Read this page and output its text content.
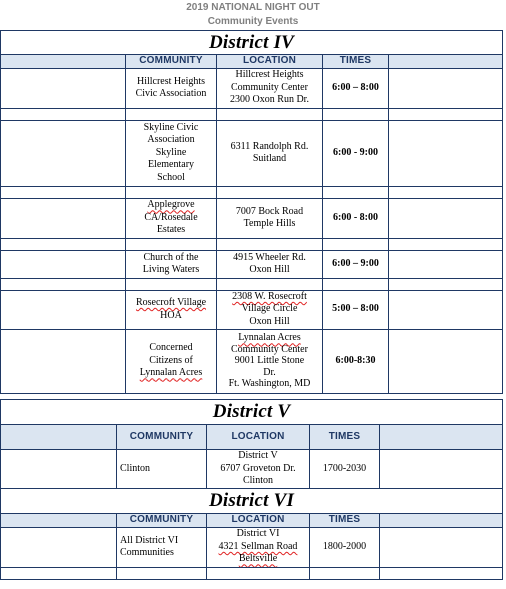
2019 NATIONAL NIGHT OUT
Community Events
District IV				
	COMMUNITY	LOCATION	TIMES	
	Hillcrest Heights
Civic Association	Hillcrest Heights
Community Center
2300 Oxon Run Dr.	6:00 – 8:00	

	Skyline Civic
Association
Skyline
Elementary
School	6311 Randolph Rd.
Suitland	6:00 - 9:00	

	Applegrove
CA/Rosedale
Estates	7007 Bock Road
Temple Hills	6:00 - 8:00	

	Church of the
Living Waters	4915 Wheeler Rd.
Oxon Hill	6:00 – 9:00	

	Rosecroft Village
HOA	2308 W. Rosecroft
Village Circle
Oxon Hill	5:00 – 8:00	
	Concerned
Citizens of
Lynnalan Acres	Lynnalan Acres
Community Center
9001 Little Stone
Dr.
Ft. Washington, MD	6:00-8:30	
District V				
	COMMUNITY	LOCATION	TIMES	
	Clinton	District V
6707 Groveton Dr.
Clinton	1700-2030	
District VI				
	COMMUNITY	LOCATION	TIMES	
	All District VI
Communities	District VI
4321 Sellman Road
Beltsville	1800-2000	
